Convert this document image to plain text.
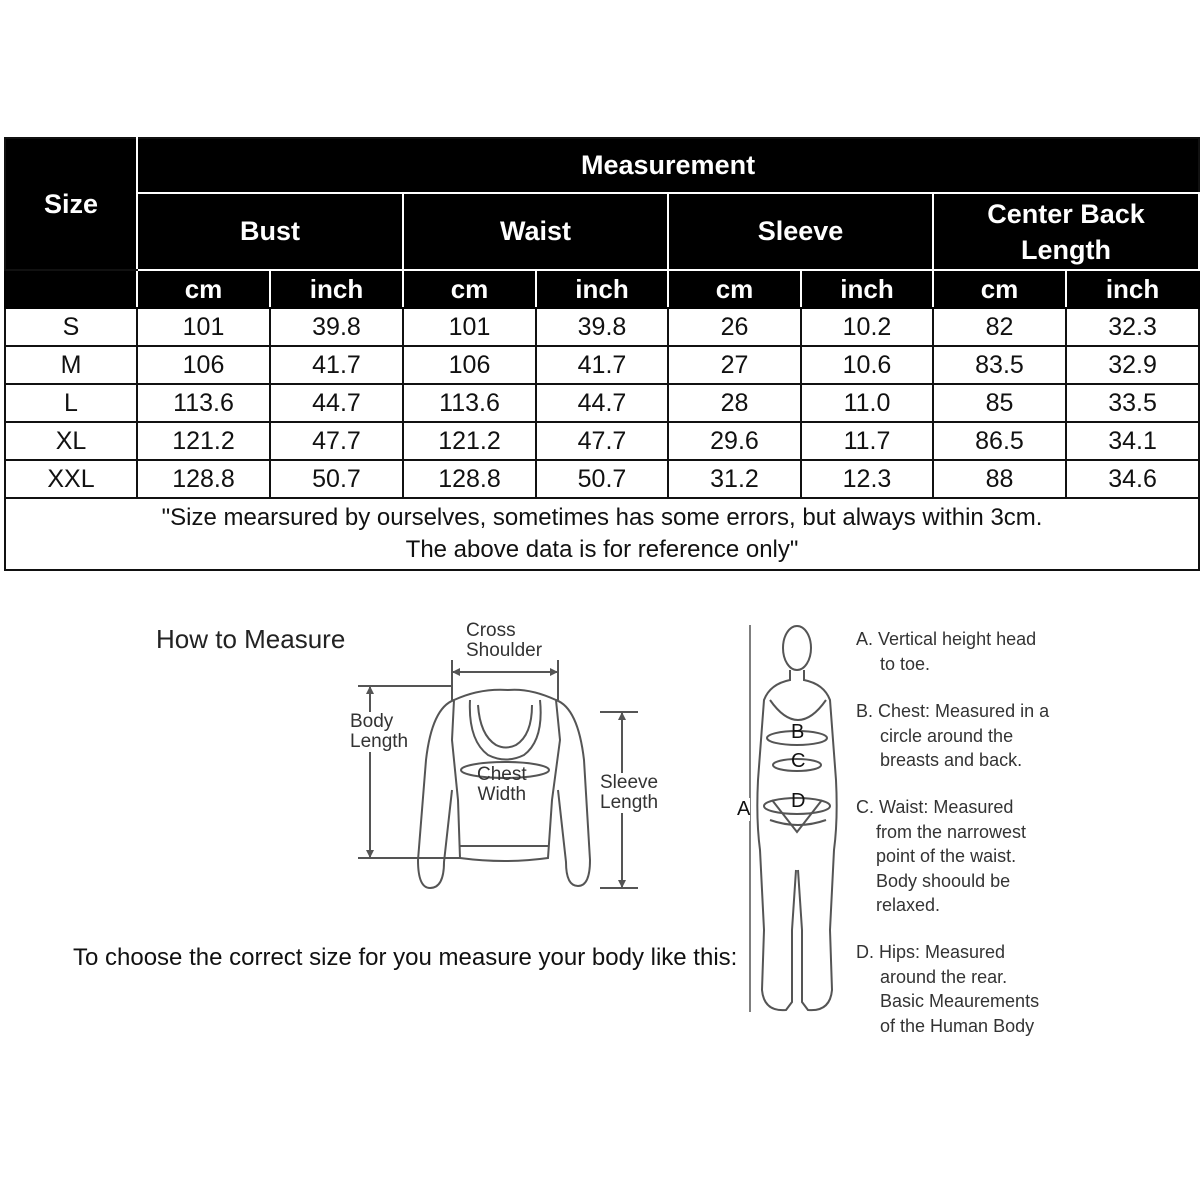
Size	Measurement							
	Bust		Waist		Sleeve		Center Back
Length	
	cm	inch	cm	inch	cm	inch	cm	inch
S	101	39.8	101	39.8	26	10.2	82	32.3
M	106	41.7	106	41.7	27	10.6	83.5	32.9
L	113.6	44.7	113.6	44.7	28	11.0	85	33.5
XL	121.2	47.7	121.2	47.7	29.6	11.7	86.5	34.1
XXL	128.8	50.7	128.8	50.7	31.2	12.3	88	34.6
"Size mearsured by ourselves, sometimes has some errors, but always within 3cm.
The above data is for reference only"								
How to Measure
To choose the correct size for you measure your body like this:
Cross
Shoulder
Body
Length
Chest
Width
Sleeve
Length	A
B
C
D
A. Vertical height head
to toe.
B. Chest: Measured in a
circle around the
breasts and back.
C. Waist: Measured
from the narrowest
point of the waist.
Body shoould be
relaxed.
D. Hips: Measured
around the rear.
Basic Meaurements
of the Human Body
